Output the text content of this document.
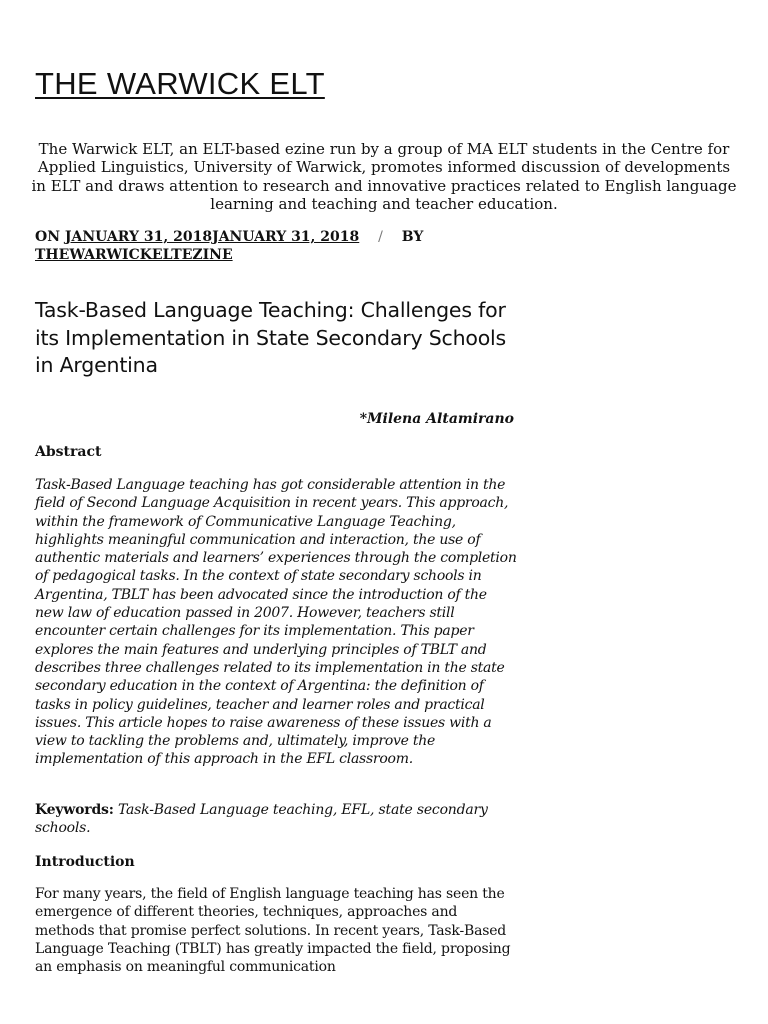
THE WARWICK ELT

The Warwick ELT, an ELT-based ezine run by a group of MA ELT students in the Centre for Applied Linguistics, University of Warwick, promotes informed discussion of developments in ELT and draws attention to research and innovative practices related to English language learning and teaching and teacher education.

ON JANUARY 31, 2018JANUARY 31, 2018 / BY
THEWARWICKELTEZINE
Task-Based Language Teaching: Challenges for its Implementation in State Secondary Schools in Argentina

*Milena Altamirano

Abstract

Task-Based Language teaching has got considerable attention in the field of Second Language Acquisition in recent years. This approach, within the framework of Communicative Language Teaching, highlights meaningful communication and interaction, the use of authentic materials and learners’ experiences through the completion of pedagogical tasks. In the context of state secondary schools in Argentina, TBLT has been advocated since the introduction of the new law of education passed in 2007. However, teachers still encounter certain challenges for its implementation. This paper explores the main features and underlying principles of TBLT and describes three challenges related to its implementation in the state secondary education in the context of Argentina: the definition of tasks in policy guidelines, teacher and learner roles and practical issues. This article hopes to raise awareness of these issues with a view to tackling the problems and, ultimately, improve the implementation of this approach in the EFL classroom.

Keywords: Task-Based Language teaching, EFL, state secondary schools.

Introduction

For many years, the field of English language teaching has seen the emergence of different theories, techniques, approaches and methods that promise perfect solutions. In recent years, Task-Based Language Teaching (TBLT) has greatly impacted the field, proposing an emphasis on meaningful communication
